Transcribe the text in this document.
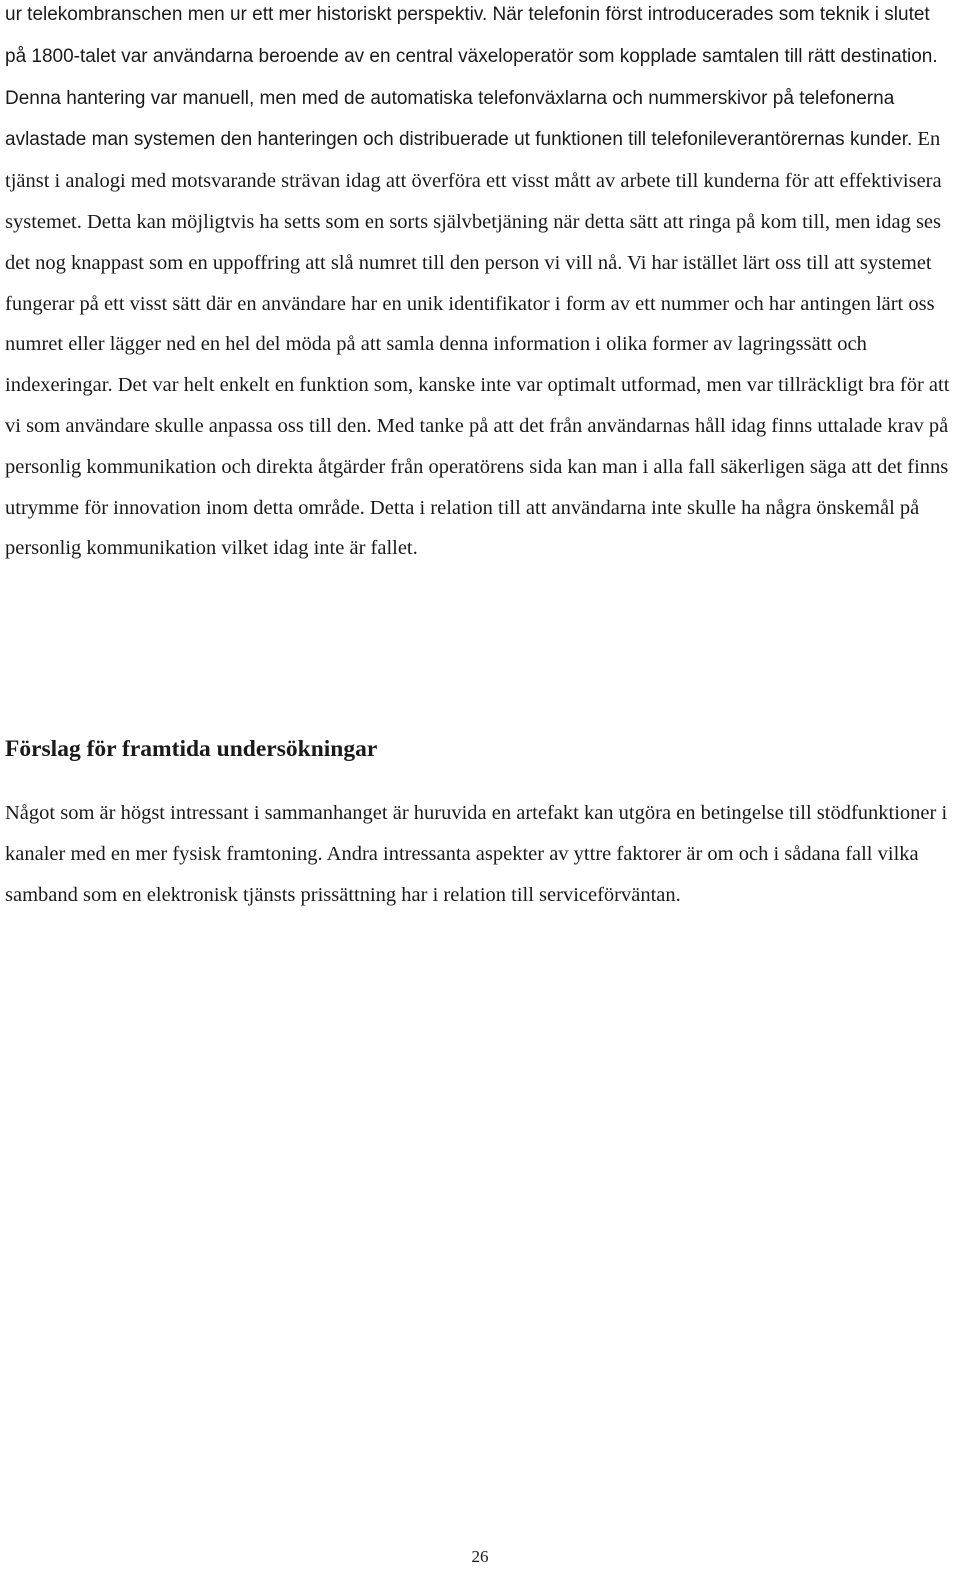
ur telekombranschen men ur ett mer historiskt perspektiv. När telefonin först introducerades som teknik i slutet på 1800-talet var användarna beroende av en central växeloperatör som kopplade samtalen till rätt destination. Denna hantering var manuell, men med de automatiska telefonväxlarna och nummerskivor på telefonerna avlastade man systemen den hanteringen och distribuerade ut funktionen till telefonileverantörernas kunder. En tjänst i analogi med motsvarande strävan idag att överföra ett visst mått av arbete till kunderna för att effektivisera systemet. Detta kan möjligtvis ha setts som en sorts självbetjäning när detta sätt att ringa på kom till, men idag ses det nog knappast som en uppoffring att slå numret till den person vi vill nå. Vi har istället lärt oss till att systemet fungerar på ett visst sätt där en användare har en unik identifikator i form av ett nummer och har antingen lärt oss numret eller lägger ned en hel del möda på att samla denna information i olika former av lagringssätt och indexeringar. Det var helt enkelt en funktion som, kanske inte var optimalt utformad, men var tillräckligt bra för att vi som användare skulle anpassa oss till den. Med tanke på att det från användarnas håll idag finns uttalade krav på personlig kommunikation och direkta åtgärder från operatörens sida kan man i alla fall säkerligen säga att det finns utrymme för innovation inom detta område. Detta i relation till att användarna inte skulle ha några önskemål på personlig kommunikation vilket idag inte är fallet.

Förslag för framtida undersökningar

Något som är högst intressant i sammanhanget är huruvida en artefakt kan utgöra en betingelse till stödfunktioner i kanaler med en mer fysisk framtoning. Andra intressanta aspekter av yttre faktorer är om och i sådana fall vilka samband som en elektronisk tjänsts prissättning har i relation till serviceförväntan.

26
